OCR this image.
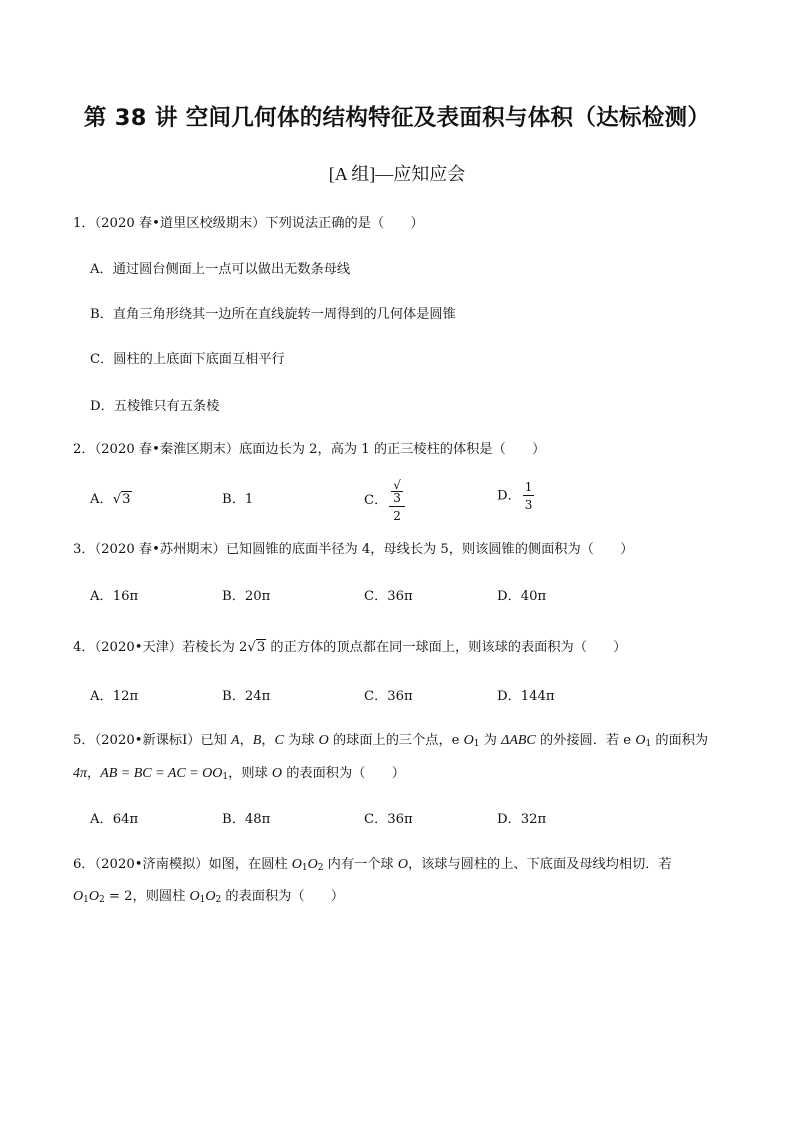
第 38 讲 空间几何体的结构特征及表面积与体积（达标检测）
[A 组]—应知应会
1．（2020 春•道里区校级期末）下列说法正确的是（　　）
A．通过圆台侧面上一点可以做出无数条母线
B．直角三角形绕其一边所在直线旋转一周得到的几何体是圆锥
C．圆柱的上底面下底面互相平行
D．五棱锥只有五条棱
2．（2020 春•秦淮区期末）底面边长为 2，高为 1 的正三棱柱的体积是（　　）
A．√3	B．1	C． √
3
2	D． $\frac{1}{3}$
3．（2020 春•苏州期末）已知圆锥的底面半径为 4，母线长为 5，则该圆锥的侧面积为（　　）
A．16π	B．20π	C．36π	D．40π
4．（2020•天津）若棱长为 2√3 的正方体的顶点都在同一球面上，则该球的表面积为（　　）
A．12π	B．24π	C．36π	D．144π
5．（2020•新课标Ⅰ）已知 A，B，C 为球 O 的球面上的三个点，e $O_1$ 为 ΔABC 的外接圆．若 e $O_1$ 的面积为
4π，AB = BC = AC = $OO_1$，则球 O 的表面积为（　　）
A．64π	B．48π	C．36π	D．32π
6．（2020•济南模拟）如图，在圆柱 $O_1O_2$ 内有一个球 O，该球与圆柱的上、下底面及母线均相切．若
$O_1O_2 = 2$，则圆柱 $O_1O_2$ 的表面积为（　　）
